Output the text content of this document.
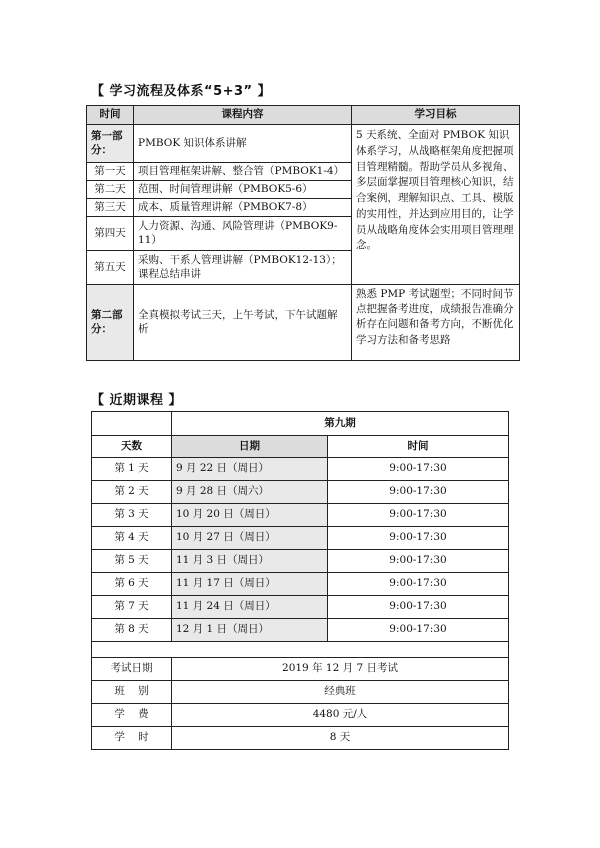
【 学习流程及体系“5+3” 】
时间	课程内容	学习目标
第一部分：	PMBOK 知识体系讲解	5 天系统、全面对 PMBOK 知识体系学习，从战略框架角度把握项目管理精髓。帮助学员从多视角、多层面掌握项目管理核心知识，结合案例，理解知识点、工具、模版的实用性，并达到应用目的，让学员从战略角度体会实用项目管理理念。
第一天	项目管理框架讲解、整合管（PMBOK1-4）	
第二天	范围、时间管理讲解（PMBOK5-6）	
第三天	成本、质量管理讲解（PMBOK7-8）	
第四天	人力资源、沟通、风险管理讲（PMBOK9-11）	
第五天	采购、干系人管理讲解（PMBOK12-13）；课程总结串讲	
第二部分：	全真模拟考试三天，上午考试，下午试题解析	熟悉 PMP 考试题型；不同时间节点把握备考进度，成绩报告准确分析存在问题和备考方向，不断优化学习方法和备考思路
【 近期课程 】
	第九期	
天数	日期	时间
第 1 天	9 月 22 日（周日）	9:00-17:30
第 2 天	9 月 28 日（周六）	9:00-17:30
第 3 天	10 月 20 日（周日）	9:00-17:30
第 4 天	10 月 27 日（周日）	9:00-17:30
第 5 天	11 月 3 日（周日）	9:00-17:30
第 6 天	11 月 17 日（周日）	9:00-17:30
第 7 天	11 月 24 日（周日）	9:00-17:30
第 8 天	12 月 1 日（周日）	9:00-17:30

考试日期	2019 年 12 月 7 日考试	
班    别	经典班	
学    费	4480 元/人	
学    时	8 天	
